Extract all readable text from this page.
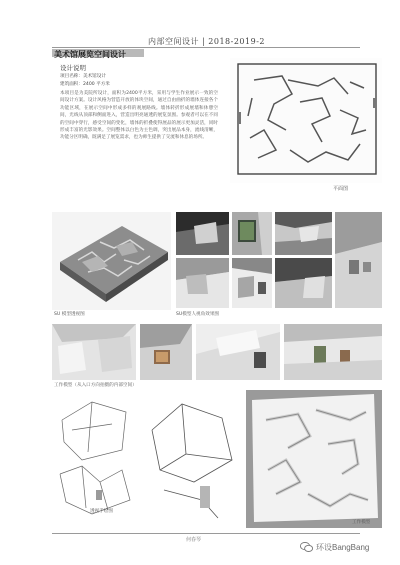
内部空间设计 | 2018-2019-2
美术馆展览空间设计
设计说明
项目名称：美术馆设计
建筑面积：2400 平方米
本项目是为美院所设计，面积为2400平方米，采用与学生作业展示一致的空间设计方案。设计风格为营造开放的体块空间，通过自由曲折的墙体连接各个功能区域，在展示空间中形成多样的观展路线。墙体转折形成展墙和休憩空间，光线从顶部和侧面进入，营造出明亮通透的展览氛围。参观者可以在不同的空间中穿行，感受空间的变化，墙体的折叠使得展品的展示更加灵活，同时形成丰富的光影效果。空间整体以白色为主色调，突出展品本身，流线清晰，功能分区明确，既满足了展览需求，也为师生提供了交流和休息的场所。
平面图
SU 模型透视图	SU模型人视角效果图
工作模型（从入口方向拍摄的内部空间）
透视手绘图
工作模型
何春琴
环设BangBang
